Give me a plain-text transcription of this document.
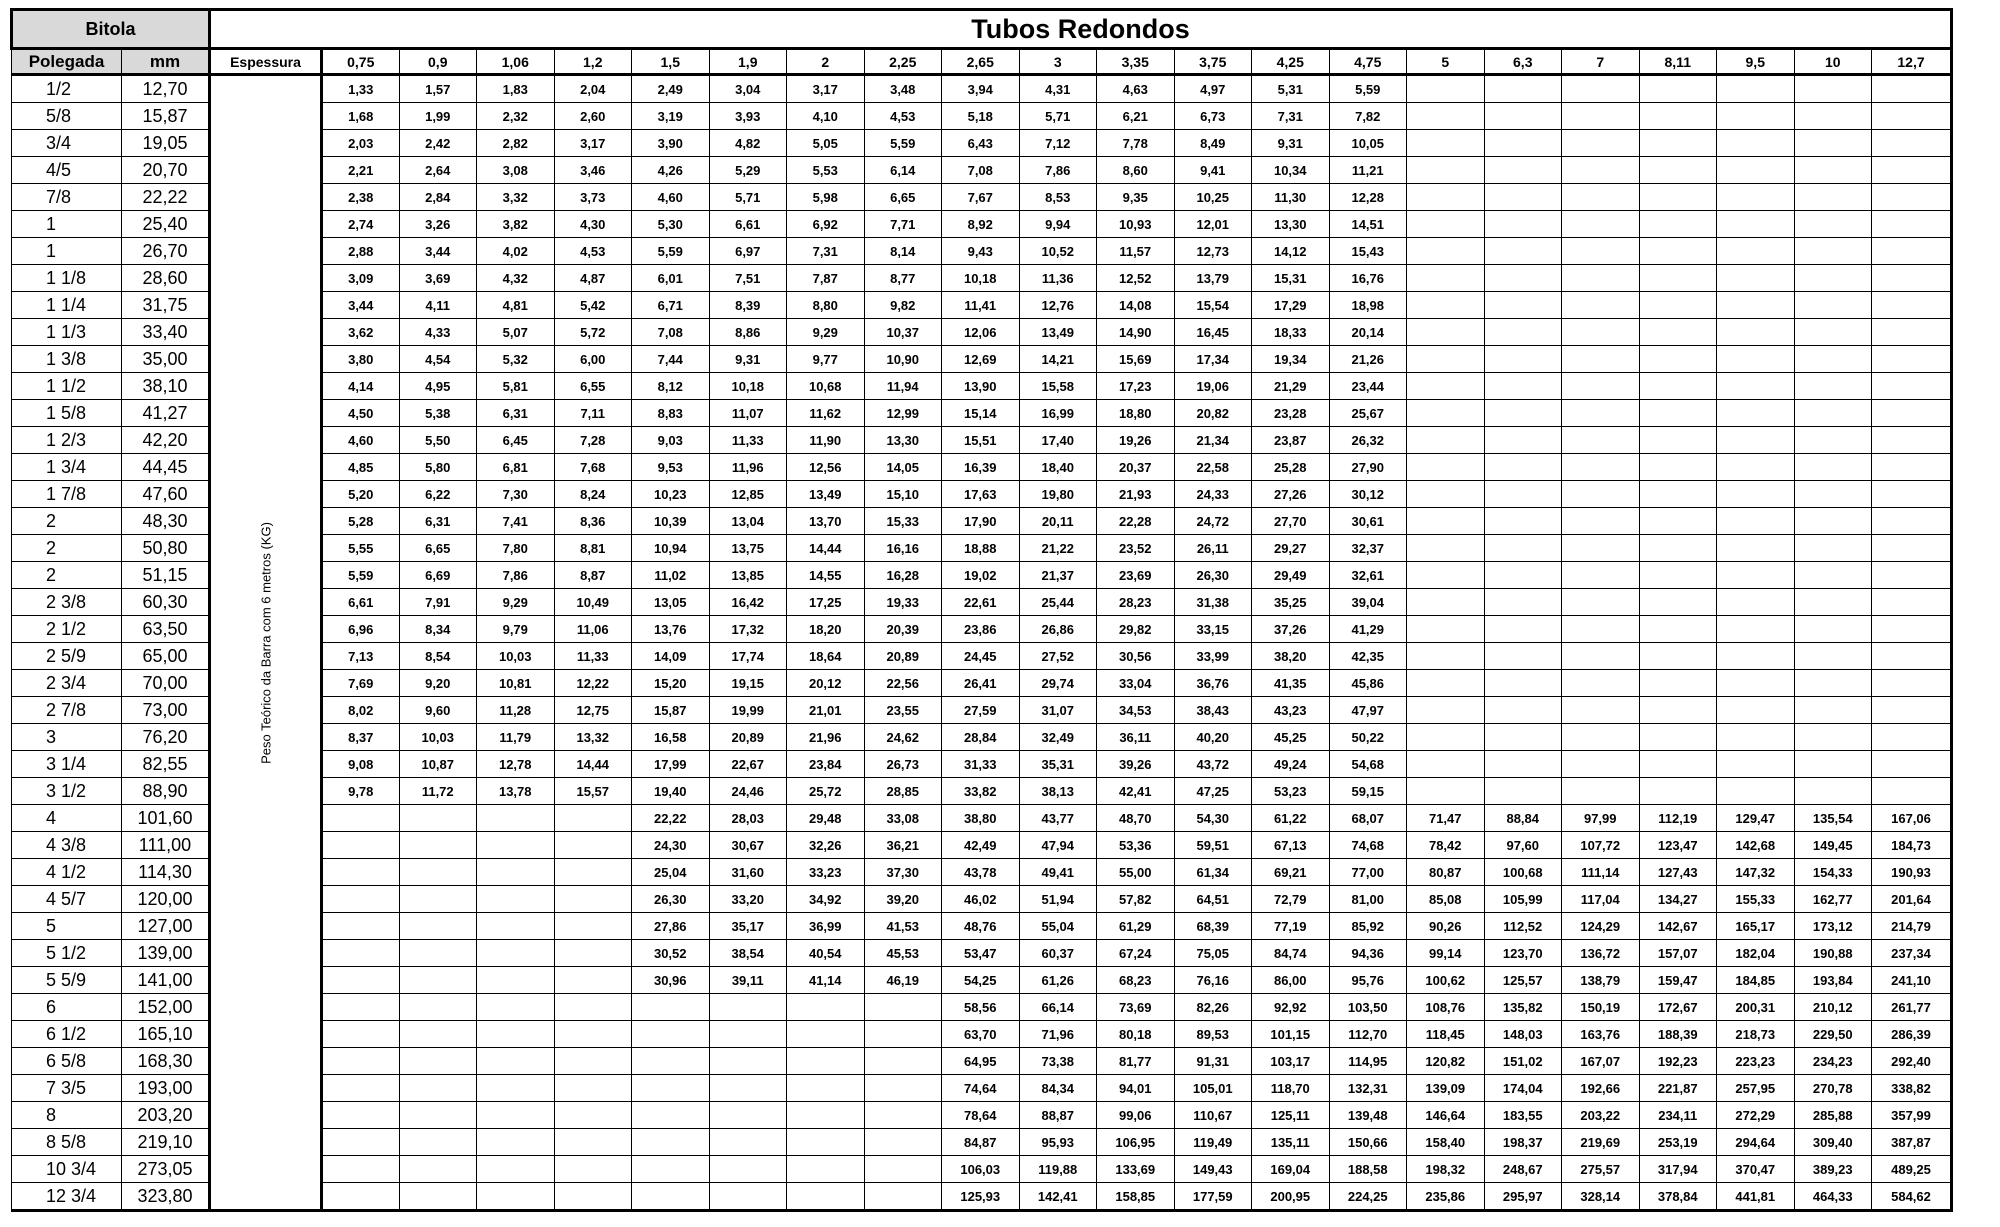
Bitola		Tubos Redondos																					
Polegada	mm	Espessura	0,75	0,9	1,06	1,2	1,5	1,9	2	2,25	2,65	3	3,35	3,75	4,25	4,75	5	6,3	7	8,11	9,5	10	12,7
1/2	12,70	Peso Teórico da Barra com 6 metros (KG)	1,33	1,57	1,83	2,04	2,49	3,04	3,17	3,48	3,94	4,31	4,63	4,97	5,31	5,59							
5/8	15,87		1,68	1,99	2,32	2,60	3,19	3,93	4,10	4,53	5,18	5,71	6,21	6,73	7,31	7,82							
3/4	19,05		2,03	2,42	2,82	3,17	3,90	4,82	5,05	5,59	6,43	7,12	7,78	8,49	9,31	10,05							
4/5	20,70		2,21	2,64	3,08	3,46	4,26	5,29	5,53	6,14	7,08	7,86	8,60	9,41	10,34	11,21							
7/8	22,22		2,38	2,84	3,32	3,73	4,60	5,71	5,98	6,65	7,67	8,53	9,35	10,25	11,30	12,28							
1	25,40		2,74	3,26	3,82	4,30	5,30	6,61	6,92	7,71	8,92	9,94	10,93	12,01	13,30	14,51							
1	26,70		2,88	3,44	4,02	4,53	5,59	6,97	7,31	8,14	9,43	10,52	11,57	12,73	14,12	15,43							
1 1/8	28,60		3,09	3,69	4,32	4,87	6,01	7,51	7,87	8,77	10,18	11,36	12,52	13,79	15,31	16,76							
1 1/4	31,75		3,44	4,11	4,81	5,42	6,71	8,39	8,80	9,82	11,41	12,76	14,08	15,54	17,29	18,98							
1 1/3	33,40		3,62	4,33	5,07	5,72	7,08	8,86	9,29	10,37	12,06	13,49	14,90	16,45	18,33	20,14							
1 3/8	35,00		3,80	4,54	5,32	6,00	7,44	9,31	9,77	10,90	12,69	14,21	15,69	17,34	19,34	21,26							
1 1/2	38,10		4,14	4,95	5,81	6,55	8,12	10,18	10,68	11,94	13,90	15,58	17,23	19,06	21,29	23,44							
1 5/8	41,27		4,50	5,38	6,31	7,11	8,83	11,07	11,62	12,99	15,14	16,99	18,80	20,82	23,28	25,67							
1 2/3	42,20		4,60	5,50	6,45	7,28	9,03	11,33	11,90	13,30	15,51	17,40	19,26	21,34	23,87	26,32							
1 3/4	44,45		4,85	5,80	6,81	7,68	9,53	11,96	12,56	14,05	16,39	18,40	20,37	22,58	25,28	27,90							
1 7/8	47,60		5,20	6,22	7,30	8,24	10,23	12,85	13,49	15,10	17,63	19,80	21,93	24,33	27,26	30,12							
2	48,30		5,28	6,31	7,41	8,36	10,39	13,04	13,70	15,33	17,90	20,11	22,28	24,72	27,70	30,61							
2	50,80		5,55	6,65	7,80	8,81	10,94	13,75	14,44	16,16	18,88	21,22	23,52	26,11	29,27	32,37							
2	51,15		5,59	6,69	7,86	8,87	11,02	13,85	14,55	16,28	19,02	21,37	23,69	26,30	29,49	32,61							
2 3/8	60,30		6,61	7,91	9,29	10,49	13,05	16,42	17,25	19,33	22,61	25,44	28,23	31,38	35,25	39,04							
2 1/2	63,50		6,96	8,34	9,79	11,06	13,76	17,32	18,20	20,39	23,86	26,86	29,82	33,15	37,26	41,29							
2 5/9	65,00		7,13	8,54	10,03	11,33	14,09	17,74	18,64	20,89	24,45	27,52	30,56	33,99	38,20	42,35							
2 3/4	70,00		7,69	9,20	10,81	12,22	15,20	19,15	20,12	22,56	26,41	29,74	33,04	36,76	41,35	45,86							
2 7/8	73,00		8,02	9,60	11,28	12,75	15,87	19,99	21,01	23,55	27,59	31,07	34,53	38,43	43,23	47,97							
3	76,20		8,37	10,03	11,79	13,32	16,58	20,89	21,96	24,62	28,84	32,49	36,11	40,20	45,25	50,22							
3 1/4	82,55		9,08	10,87	12,78	14,44	17,99	22,67	23,84	26,73	31,33	35,31	39,26	43,72	49,24	54,68							
3 1/2	88,90		9,78	11,72	13,78	15,57	19,40	24,46	25,72	28,85	33,82	38,13	42,41	47,25	53,23	59,15							
4	101,60						22,22	28,03	29,48	33,08	38,80	43,77	48,70	54,30	61,22	68,07	71,47	88,84	97,99	112,19	129,47	135,54	167,06
4 3/8	111,00						24,30	30,67	32,26	36,21	42,49	47,94	53,36	59,51	67,13	74,68	78,42	97,60	107,72	123,47	142,68	149,45	184,73
4 1/2	114,30						25,04	31,60	33,23	37,30	43,78	49,41	55,00	61,34	69,21	77,00	80,87	100,68	111,14	127,43	147,32	154,33	190,93
4 5/7	120,00						26,30	33,20	34,92	39,20	46,02	51,94	57,82	64,51	72,79	81,00	85,08	105,99	117,04	134,27	155,33	162,77	201,64
5	127,00						27,86	35,17	36,99	41,53	48,76	55,04	61,29	68,39	77,19	85,92	90,26	112,52	124,29	142,67	165,17	173,12	214,79
5 1/2	139,00						30,52	38,54	40,54	45,53	53,47	60,37	67,24	75,05	84,74	94,36	99,14	123,70	136,72	157,07	182,04	190,88	237,34
5 5/9	141,00						30,96	39,11	41,14	46,19	54,25	61,26	68,23	76,16	86,00	95,76	100,62	125,57	138,79	159,47	184,85	193,84	241,10
6	152,00										58,56	66,14	73,69	82,26	92,92	103,50	108,76	135,82	150,19	172,67	200,31	210,12	261,77
6 1/2	165,10										63,70	71,96	80,18	89,53	101,15	112,70	118,45	148,03	163,76	188,39	218,73	229,50	286,39
6 5/8	168,30										64,95	73,38	81,77	91,31	103,17	114,95	120,82	151,02	167,07	192,23	223,23	234,23	292,40
7 3/5	193,00										74,64	84,34	94,01	105,01	118,70	132,31	139,09	174,04	192,66	221,87	257,95	270,78	338,82
8	203,20										78,64	88,87	99,06	110,67	125,11	139,48	146,64	183,55	203,22	234,11	272,29	285,88	357,99
8 5/8	219,10										84,87	95,93	106,95	119,49	135,11	150,66	158,40	198,37	219,69	253,19	294,64	309,40	387,87
10 3/4	273,05										106,03	119,88	133,69	149,43	169,04	188,58	198,32	248,67	275,57	317,94	370,47	389,23	489,25
12 3/4	323,80										125,93	142,41	158,85	177,59	200,95	224,25	235,86	295,97	328,14	378,84	441,81	464,33	584,62
